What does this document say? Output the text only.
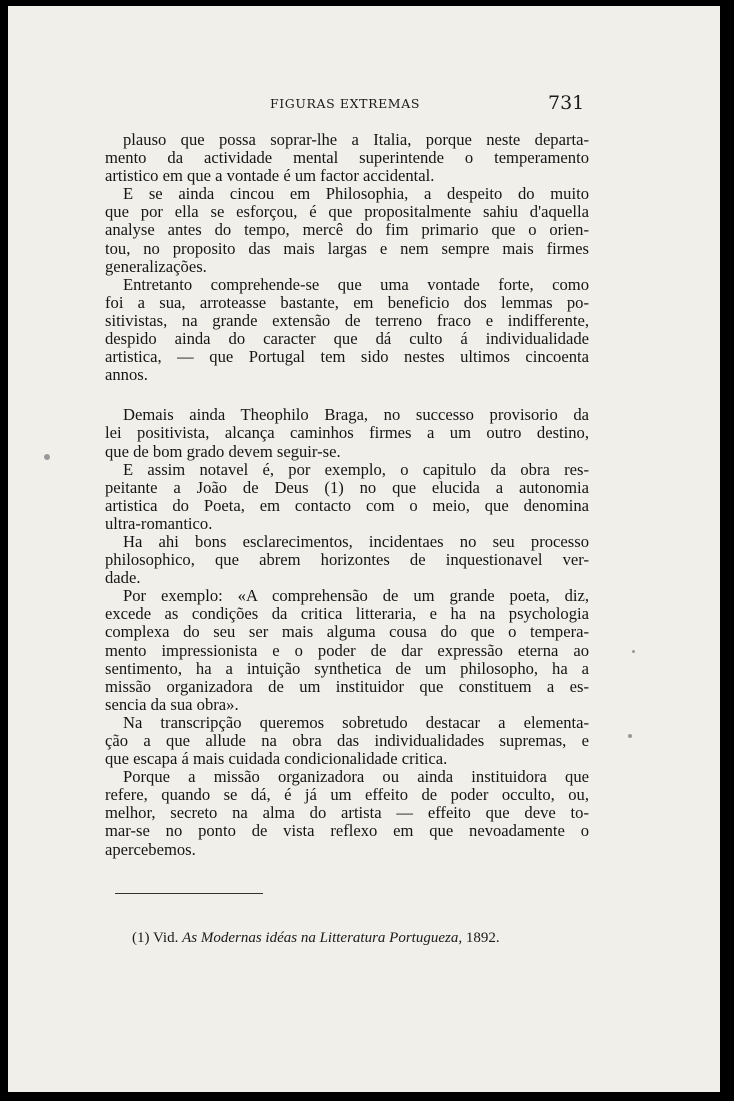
FIGURAS EXTREMAS	731
plauso que possa soprar-lhe a Italia, porque neste departa-
mento da actividade mental superintende o temperamento
artistico em que a vontade é um factor accidental.
E se ainda cincou em Philosophia, a despeito do muito
que por ella se esforçou, é que propositalmente sahiu d'aquella
analyse antes do tempo, mercê do fim primario que o orien-
tou, no proposito das mais largas e nem sempre mais firmes
generalizações.
Entretanto comprehende-se que uma vontade forte, como
foi a sua, arroteasse bastante, em beneficio dos lemmas po-
sitivistas, na grande extensão de terreno fraco e indifferente,
despido ainda do caracter que dá culto á individualidade
artistica, — que Portugal tem sido nestes ultimos cincoenta
annos.
Demais ainda Theophilo Braga, no successo provisorio da
lei positivista, alcança caminhos firmes a um outro destino,
que de bom grado devem seguir-se.
E assim notavel é, por exemplo, o capitulo da obra res-
peitante a João de Deus (1) no que elucida a autonomia
artistica do Poeta, em contacto com o meio, que denomina
ultra-romantico.
Ha ahi bons esclarecimentos, incidentaes no seu processo
philosophico, que abrem horizontes de inquestionavel ver-
dade.
Por exemplo: «A comprehensão de um grande poeta, diz,
excede as condições da critica litteraria, e ha na psychologia
complexa do seu ser mais alguma cousa do que o tempera-
mento impressionista e o poder de dar expressão eterna ao
sentimento, ha a intuição synthetica de um philosopho, ha a
missão organizadora de um instituidor que constituem a es-
sencia da sua obra».
Na transcripção queremos sobretudo destacar a elementa-
ção a que allude na obra das individualidades supremas, e
que escapa á mais cuidada condicionalidade critica.
Porque a missão organizadora ou ainda instituidora que
refere, quando se dá, é já um effeito de poder occulto, ou,
melhor, secreto na alma do artista — effeito que deve to-
mar-se no ponto de vista reflexo em que nevoadamente o
apercebemos.
(1) Vid. As Modernas idéas na Litteratura Portugueza, 1892.
